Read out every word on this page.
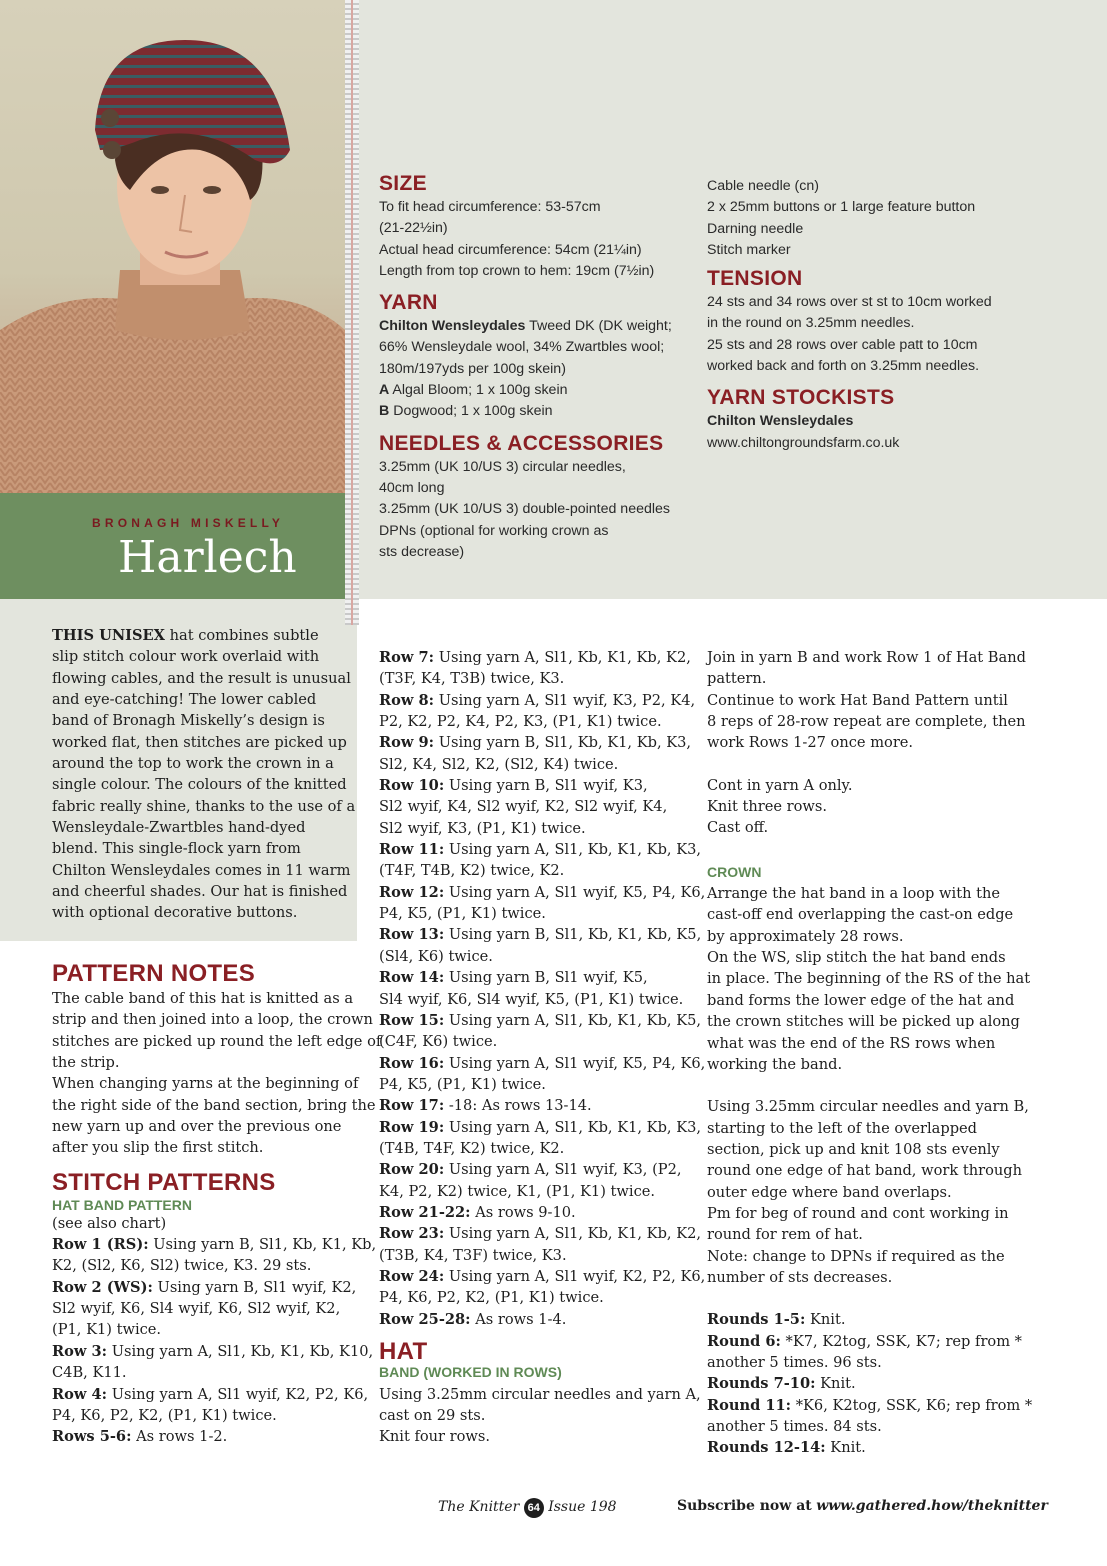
BRONAGH MISKELLY
Harlech
SIZE
To fit head circumference: 53-57cm
(21-22½in)
Actual head circumference: 54cm (21¼in)
Length from top crown to hem: 19cm (7½in)
YARN
Chilton Wensleydales Tweed DK (DK weight;
66% Wensleydale wool, 34% Zwartbles wool;
180m/197yds per 100g skein)
A Algal Bloom; 1 x 100g skein
B Dogwood; 1 x 100g skein
NEEDLES & ACCESSORIES
3.25mm (UK 10/US 3) circular needles,
40cm long
3.25mm (UK 10/US 3) double-pointed needles
DPNs (optional for working crown as
sts decrease)
Cable needle (cn)
2 x 25mm buttons or 1 large feature button
Darning needle
Stitch marker
TENSION
24 sts and 34 rows over st st to 10cm worked
in the round on 3.25mm needles.
25 sts and 28 rows over cable patt to 10cm
worked back and forth on 3.25mm needles.
YARN STOCKISTS
Chilton Wensleydales
www.chiltongroundsfarm.co.uk
THIS UNISEX hat combines subtle
slip stitch colour work overlaid with
flowing cables, and the result is unusual
and eye-catching! The lower cabled
band of Bronagh Miskelly’s design is
worked flat, then stitches are picked up
around the top to work the crown in a
single colour. The colours of the knitted
fabric really shine, thanks to the use of a
Wensleydale-Zwartbles hand-dyed
blend. This single-flock yarn from
Chilton Wensleydales comes in 11 warm
and cheerful shades. Our hat is finished
with optional decorative buttons.
PATTERN NOTES
The cable band of this hat is knitted as a
strip and then joined into a loop, the crown
stitches are picked up round the left edge of
the strip.
When changing yarns at the beginning of
the right side of the band section, bring the
new yarn up and over the previous one
after you slip the first stitch.
STITCH PATTERNS
HAT BAND PATTERN
(see also chart)
Row 1 (RS): Using yarn B, Sl1, Kb, K1, Kb,
K2, (Sl2, K6, Sl2) twice, K3. 29 sts.
Row 2 (WS): Using yarn B, Sl1 wyif, K2,
Sl2 wyif, K6, Sl4 wyif, K6, Sl2 wyif, K2,
(P1, K1) twice.
Row 3: Using yarn A, Sl1, Kb, K1, Kb, K10,
C4B, K11.
Row 4: Using yarn A, Sl1 wyif, K2, P2, K6,
P4, K6, P2, K2, (P1, K1) twice.
Rows 5-6: As rows 1-2.
Row 7: Using yarn A, Sl1, Kb, K1, Kb, K2,
(T3F, K4, T3B) twice, K3.
Row 8: Using yarn A, Sl1 wyif, K3, P2, K4,
P2, K2, P2, K4, P2, K3, (P1, K1) twice.
Row 9: Using yarn B, Sl1, Kb, K1, Kb, K3,
Sl2, K4, Sl2, K2, (Sl2, K4) twice.
Row 10: Using yarn B, Sl1 wyif, K3,
Sl2 wyif, K4, Sl2 wyif, K2, Sl2 wyif, K4,
Sl2 wyif, K3, (P1, K1) twice.
Row 11: Using yarn A, Sl1, Kb, K1, Kb, K3,
(T4F, T4B, K2) twice, K2.
Row 12: Using yarn A, Sl1 wyif, K5, P4, K6,
P4, K5, (P1, K1) twice.
Row 13: Using yarn B, Sl1, Kb, K1, Kb, K5,
(Sl4, K6) twice.
Row 14: Using yarn B, Sl1 wyif, K5,
Sl4 wyif, K6, Sl4 wyif, K5, (P1, K1) twice.
Row 15: Using yarn A, Sl1, Kb, K1, Kb, K5,
(C4F, K6) twice.
Row 16: Using yarn A, Sl1 wyif, K5, P4, K6,
P4, K5, (P1, K1) twice.
Row 17: -18: As rows 13-14.
Row 19: Using yarn A, Sl1, Kb, K1, Kb, K3,
(T4B, T4F, K2) twice, K2.
Row 20: Using yarn A, Sl1 wyif, K3, (P2,
K4, P2, K2) twice, K1, (P1, K1) twice.
Row 21-22: As rows 9-10.
Row 23: Using yarn A, Sl1, Kb, K1, Kb, K2,
(T3B, K4, T3F) twice, K3.
Row 24: Using yarn A, Sl1 wyif, K2, P2, K6,
P4, K6, P2, K2, (P1, K1) twice.
Row 25-28: As rows 1-4.
HAT
BAND (WORKED IN ROWS)
Using 3.25mm circular needles and yarn A,
cast on 29 sts.
Knit four rows.
Join in yarn B and work Row 1 of Hat Band
pattern.
Continue to work Hat Band Pattern until
8 reps of 28-row repeat are complete, then
work Rows 1-27 once more.
Cont in yarn A only.
Knit three rows.
Cast off.
CROWN
Arrange the hat band in a loop with the
cast-off end overlapping the cast-on edge
by approximately 28 rows.
On the WS, slip stitch the hat band ends
in place. The beginning of the RS of the hat
band forms the lower edge of the hat and
the crown stitches will be picked up along
what was the end of the RS rows when
working the band.
Using 3.25mm circular needles and yarn B,
starting to the left of the overlapped
section, pick up and knit 108 sts evenly
round one edge of hat band, work through
outer edge where band overlaps.
Pm for beg of round and cont working in
round for rem of hat.
Note: change to DPNs if required as the
number of sts decreases.
Rounds 1-5: Knit.
Round 6: *K7, K2tog, SSK, K7; rep from *
another 5 times. 96 sts.
Rounds 7-10: Knit.
Round 11: *K6, K2tog, SSK, K6; rep from *
another 5 times. 84 sts.
Rounds 12-14: Knit.
The Knitter 64 Issue 198	Subscribe now at www.gathered.how/theknitter
